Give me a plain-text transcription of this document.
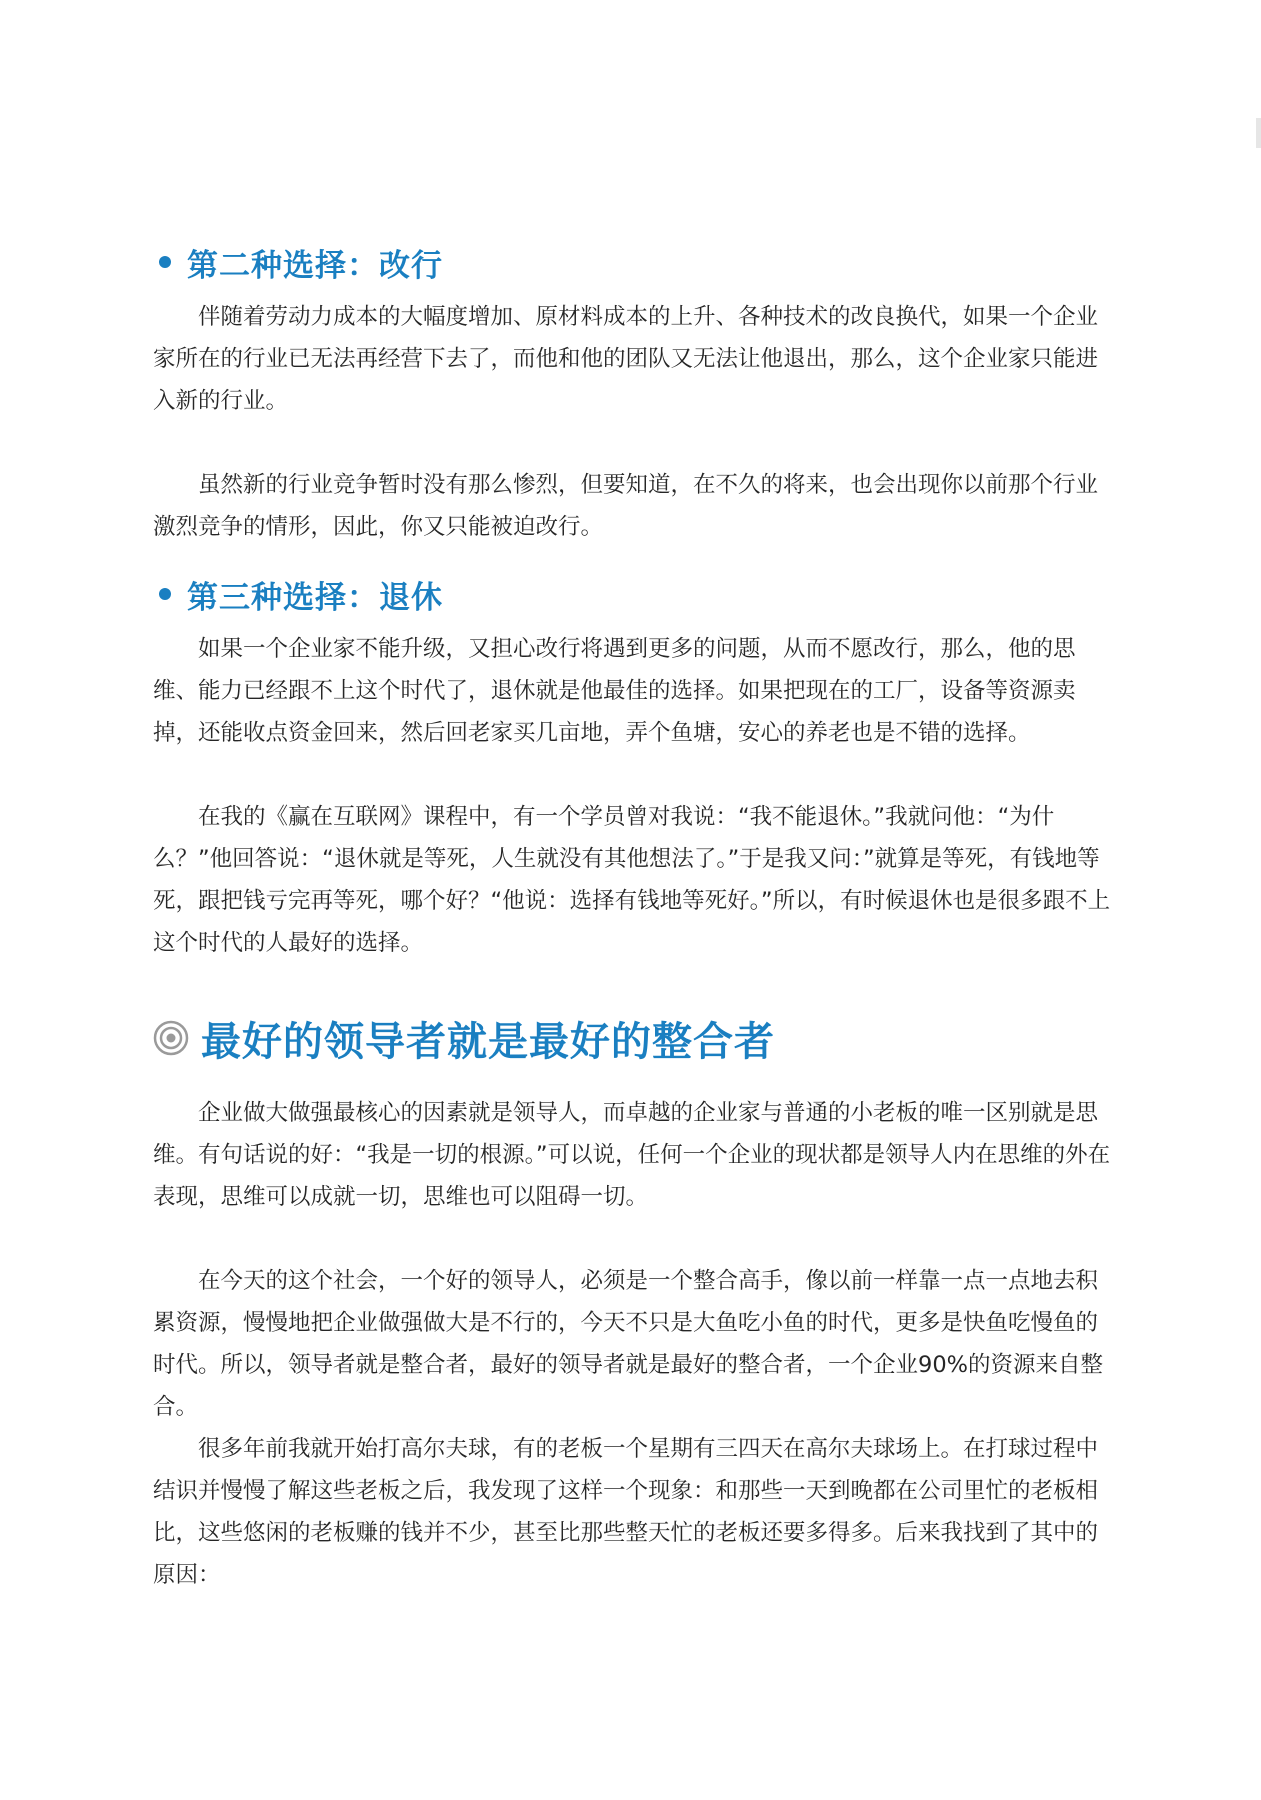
第二种选择：改行

伴随着劳动力成本的大幅度增加、原材料成本的上升、各种技术的改良换代，如果一个企业家所在的行业已无法再经营下去了，而他和他的团队又无法让他退出，那么，这个企业家只能进入新的行业。

虽然新的行业竞争暂时没有那么惨烈，但要知道，在不久的将来，也会出现你以前那个行业激烈竞争的情形，因此，你又只能被迫改行。

第三种选择：退休

如果一个企业家不能升级，又担心改行将遇到更多的问题，从而不愿改行，那么，他的思维、能力已经跟不上这个时代了，退休就是他最佳的选择。如果把现在的工厂，设备等资源卖掉，还能收点资金回来，然后回老家买几亩地，弄个鱼塘，安心的养老也是不错的选择。

在我的《赢在互联网》课程中，有一个学员曾对我说：“我不能退休。”我就问他：“为什么？”他回答说：“退休就是等死，人生就没有其他想法了。”于是我又问：”就算是等死，有钱地等死，跟把钱亏完再等死，哪个好？“他说：选择有钱地等死好。”所以，有时候退休也是很多跟不上这个时代的人最好的选择。

最好的领导者就是最好的整合者

企业做大做强最核心的因素就是领导人，而卓越的企业家与普通的小老板的唯一区别就是思维。有句话说的好：“我是一切的根源。”可以说，任何一个企业的现状都是领导人内在思维的外在表现，思维可以成就一切，思维也可以阻碍一切。

在今天的这个社会，一个好的领导人，必须是一个整合高手，像以前一样靠一点一点地去积累资源，慢慢地把企业做强做大是不行的，今天不只是大鱼吃小鱼的时代，更多是快鱼吃慢鱼的时代。所以，领导者就是整合者，最好的领导者就是最好的整合者，一个企业90%的资源来自整合。

很多年前我就开始打高尔夫球，有的老板一个星期有三四天在高尔夫球场上。在打球过程中结识并慢慢了解这些老板之后，我发现了这样一个现象：和那些一天到晚都在公司里忙的老板相比，这些悠闲的老板赚的钱并不少，甚至比那些整天忙的老板还要多得多。后来我找到了其中的原因：
